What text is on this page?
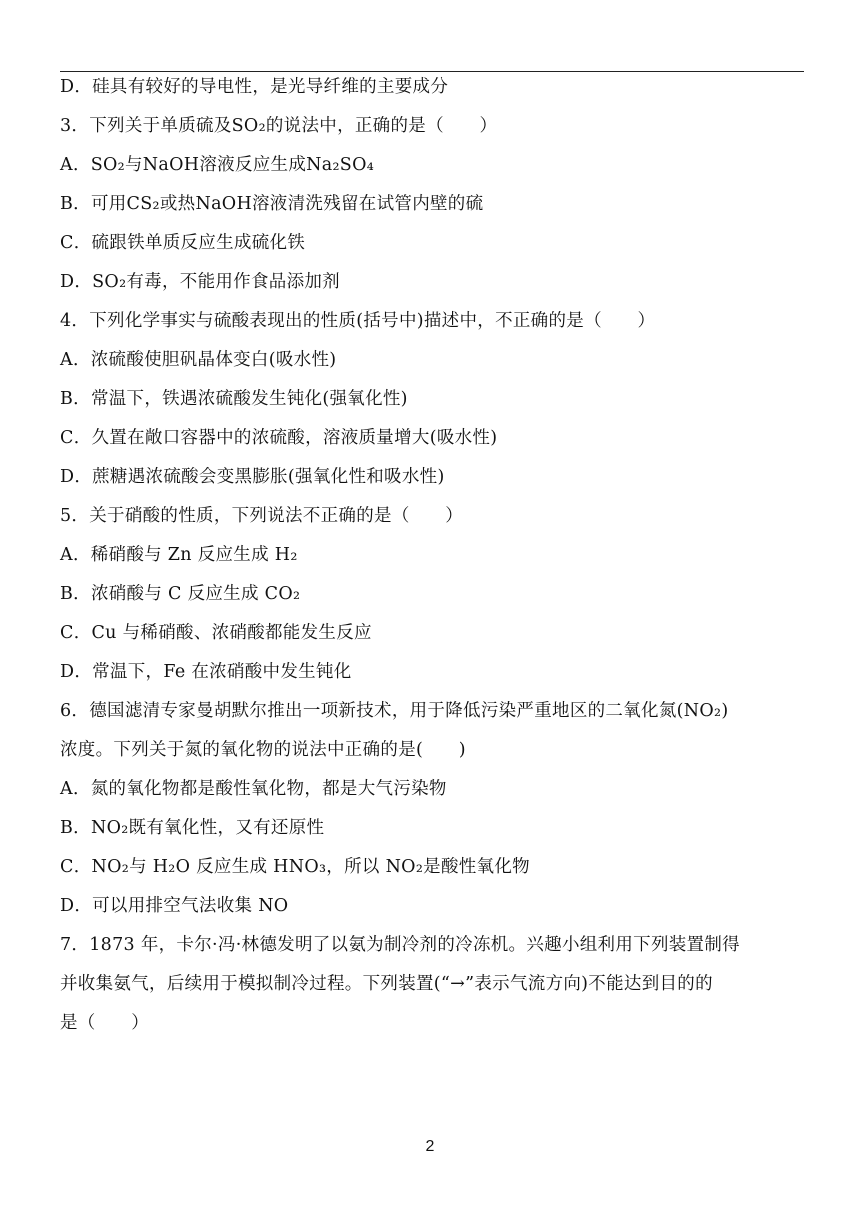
D．硅具有较好的导电性，是光导纤维的主要成分
3．下列关于单质硫及SO₂的说法中，正确的是（　　）
A．SO₂与NaOH溶液反应生成Na₂SO₄
B．可用CS₂或热NaOH溶液清洗残留在试管内壁的硫
C．硫跟铁单质反应生成硫化铁
D．SO₂有毒，不能用作食品添加剂
4．下列化学事实与硫酸表现出的性质(括号中)描述中，不正确的是（　　）
A．浓硫酸使胆矾晶体变白(吸水性)
B．常温下，铁遇浓硫酸发生钝化(强氧化性)
C．久置在敞口容器中的浓硫酸，溶液质量增大(吸水性)
D．蔗糖遇浓硫酸会变黑膨胀(强氧化性和吸水性)
5．关于硝酸的性质，下列说法不正确的是（　　）
A．稀硝酸与 Zn 反应生成 H₂
B．浓硝酸与 C 反应生成 CO₂
C．Cu 与稀硝酸、浓硝酸都能发生反应
D．常温下，Fe 在浓硝酸中发生钝化
6．德国滤清专家曼胡默尔推出一项新技术，用于降低污染严重地区的二氧化氮(NO₂)
浓度。下列关于氮的氧化物的说法中正确的是(　　)
A．氮的氧化物都是酸性氧化物，都是大气污染物
B．NO₂既有氧化性，又有还原性
C．NO₂与 H₂O 反应生成 HNO₃，所以 NO₂是酸性氧化物
D．可以用排空气法收集 NO
7．1873 年，卡尔·冯·林德发明了以氨为制冷剂的冷冻机。兴趣小组利用下列装置制得
并收集氨气，后续用于模拟制冷过程。下列装置(“→”表示气流方向)不能达到目的的
是（　　）
2
